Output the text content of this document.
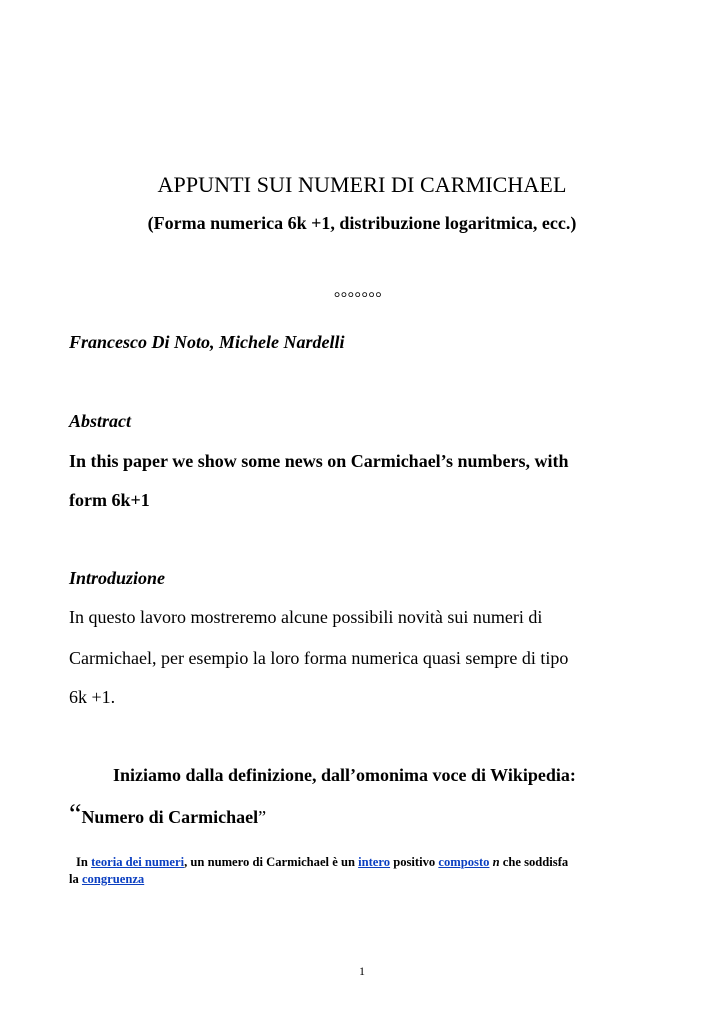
APPUNTI SUI NUMERI DI CARMICHAEL

(Forma numerica 6k +1, distribuzione logaritmica, ecc.)

°°°°°°°

Francesco Di Noto, Michele Nardelli

Abstract

In this paper we show some news on Carmichael’s numbers, with

form 6k+1

Introduzione

In questo lavoro mostreremo alcune possibili novità sui numeri di

Carmichael, per esempio la loro forma numerica quasi sempre di tipo

6k +1.

Iniziamo dalla definizione, dall’omonima voce di Wikipedia:

“Numero di Carmichael”

In teoria dei numeri, un numero di Carmichael è un intero positivo composto n che soddisfa

la congruenza

1
